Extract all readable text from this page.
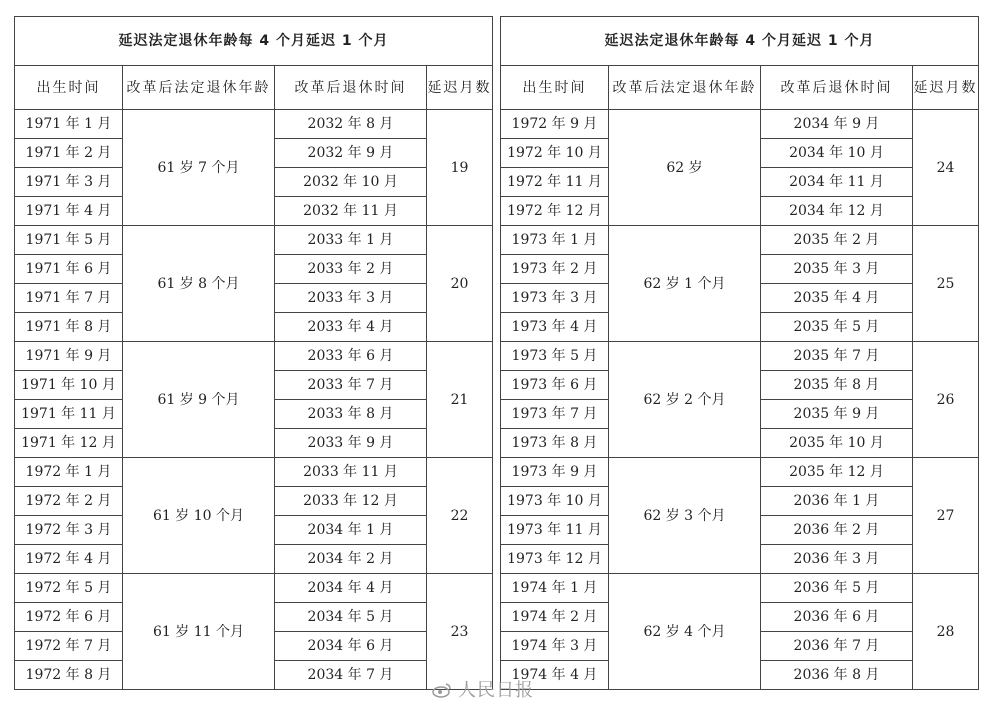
延迟法定退休年龄每 4 个月延迟 1 个月			
出生时间	改革后法定退休年龄	改革后退休时间	延迟月数
1971 年 1 月	61 岁 7 个月	2032 年 8 月	19
1971 年 2 月		2032 年 9 月	
1971 年 3 月		2032 年 10 月	
1971 年 4 月		2032 年 11 月	
1971 年 5 月	61 岁 8 个月	2033 年 1 月	20
1971 年 6 月		2033 年 2 月	
1971 年 7 月		2033 年 3 月	
1971 年 8 月		2033 年 4 月	
1971 年 9 月	61 岁 9 个月	2033 年 6 月	21
1971 年 10 月		2033 年 7 月	
1971 年 11 月		2033 年 8 月	
1971 年 12 月		2033 年 9 月	
1972 年 1 月	61 岁 10 个月	2033 年 11 月	22
1972 年 2 月		2033 年 12 月	
1972 年 3 月		2034 年 1 月	
1972 年 4 月		2034 年 2 月	
1972 年 5 月	61 岁 11 个月	2034 年 4 月	23
1972 年 6 月		2034 年 5 月	
1972 年 7 月		2034 年 6 月	
1972 年 8 月		2034 年 7 月	
延迟法定退休年龄每 4 个月延迟 1 个月			
出生时间	改革后法定退休年龄	改革后退休时间	延迟月数
1972 年 9 月	62 岁	2034 年 9 月	24
1972 年 10 月		2034 年 10 月	
1972 年 11 月		2034 年 11 月	
1972 年 12 月		2034 年 12 月	
1973 年 1 月	62 岁 1 个月	2035 年 2 月	25
1973 年 2 月		2035 年 3 月	
1973 年 3 月		2035 年 4 月	
1973 年 4 月		2035 年 5 月	
1973 年 5 月	62 岁 2 个月	2035 年 7 月	26
1973 年 6 月		2035 年 8 月	
1973 年 7 月		2035 年 9 月	
1973 年 8 月		2035 年 10 月	
1973 年 9 月	62 岁 3 个月	2035 年 12 月	27
1973 年 10 月		2036 年 1 月	
1973 年 11 月		2036 年 2 月	
1973 年 12 月		2036 年 3 月	
1974 年 1 月	62 岁 4 个月	2036 年 5 月	28
1974 年 2 月		2036 年 6 月	
1974 年 3 月		2036 年 7 月	
1974 年 4 月		2036 年 8 月	
人民日报
